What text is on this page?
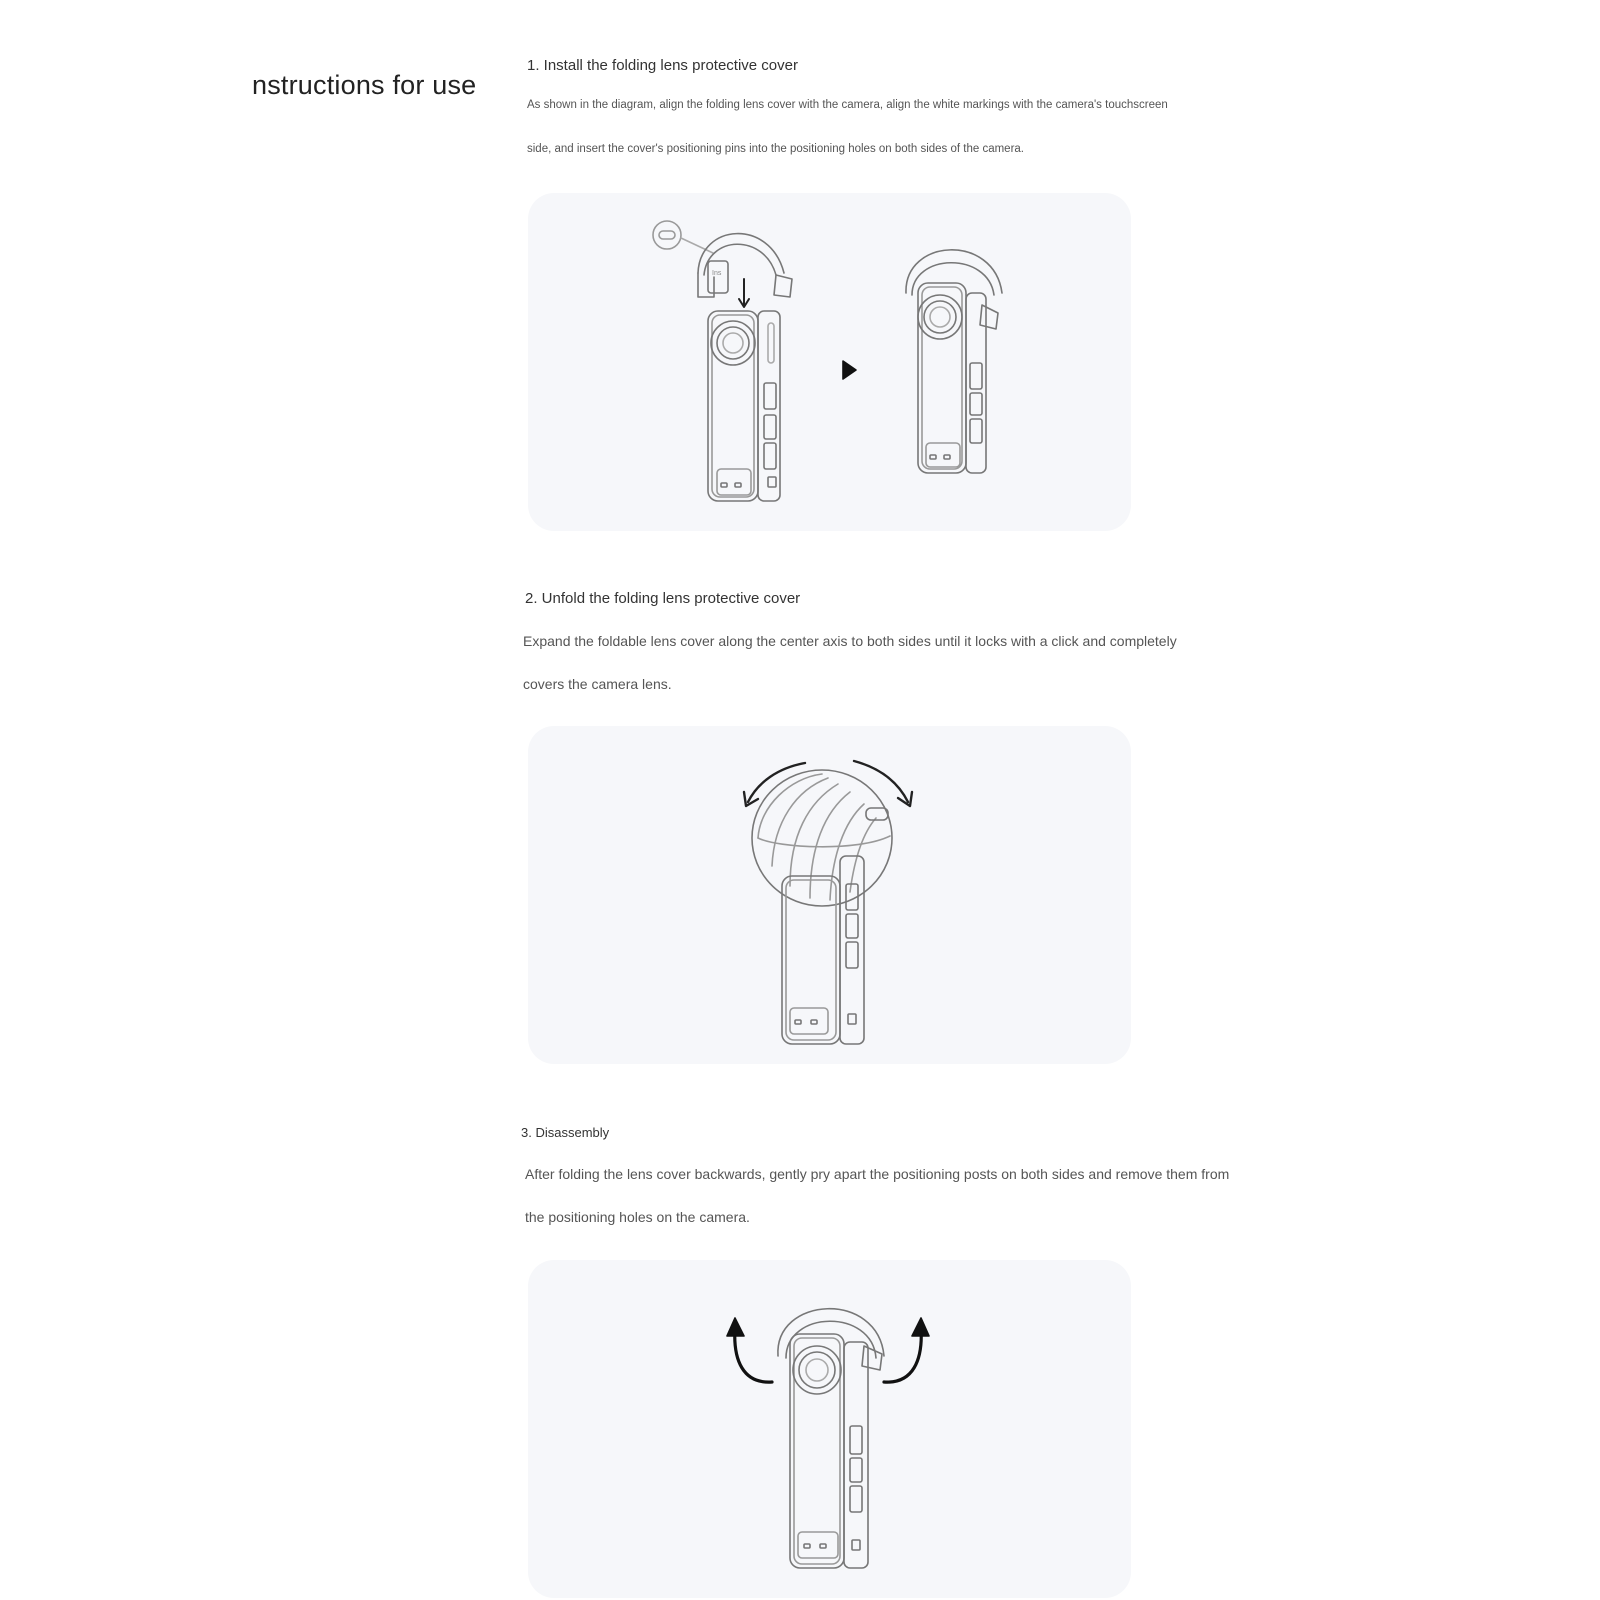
nstructions for use
1. Install the folding lens protective cover
As shown in the diagram, align the folding lens cover with the camera, align the white markings with the camera's touchscreen
side, and insert the cover's positioning pins into the positioning holes on both sides of the camera.
Ins
2. Unfold the folding lens protective cover
Expand the foldable lens cover along the center axis to both sides until it locks with a click and completely
covers the camera lens.
3. Disassembly
After folding the lens cover backwards, gently pry apart the positioning posts on both sides and remove them from
the positioning holes on the camera.
